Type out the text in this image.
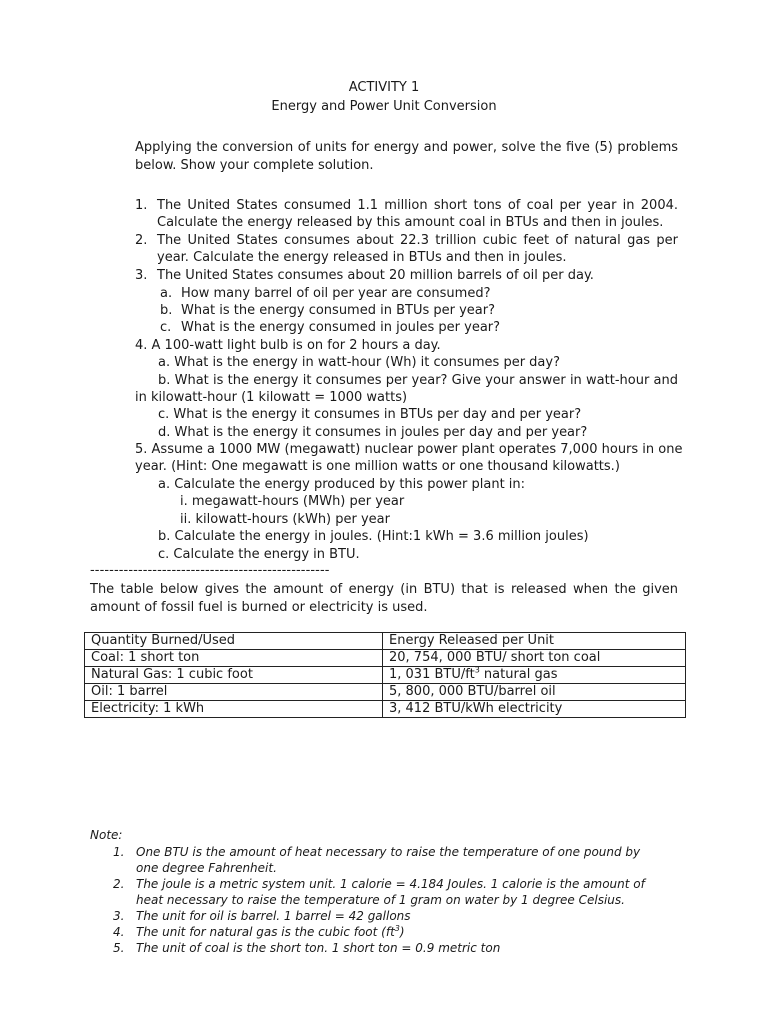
ACTIVITY 1
Energy and Power Unit Conversion
Applying the conversion of units for energy and power, solve the five (5) problems below. Show your complete solution.
1. The United States consumed 1.1 million short tons of coal per year in 2004. Calculate the energy released by this amount coal in BTUs and then in joules.
2. The United States consumes about 22.3 trillion cubic feet of natural gas per year. Calculate the energy released in BTUs and then in joules.
3. The United States consumes about 20 million barrels of oil per day.
a. How many barrel of oil per year are consumed?
b. What is the energy consumed in BTUs per year?
c. What is the energy consumed in joules per year?
4. A 100-watt light bulb is on for 2 hours a day.
a. What is the energy in watt-hour (Wh) it consumes per day?
b. What is the energy it consumes per year? Give your answer in watt-hour and
in kilowatt-hour (1 kilowatt = 1000 watts)
c. What is the energy it consumes in BTUs per day and per year?
d. What is the energy it consumes in joules per day and per year?
5. Assume a 1000 MW (megawatt) nuclear power plant operates 7,000 hours in one
year. (Hint: One megawatt is one million watts or one thousand kilowatts.)
a. Calculate the energy produced by this power plant in:
i. megawatt-hours (MWh) per year
ii. kilowatt-hours (kWh) per year
b. Calculate the energy in joules. (Hint:1 kWh = 3.6 million joules)
c. Calculate the energy in BTU.
--------------------------------------------------
The table below gives the amount of energy (in BTU) that is released when the given amount of fossil fuel is burned or electricity is used.
Quantity Burned/Used	Energy Released per Unit
Coal: 1 short ton	20, 754, 000 BTU/ short ton coal
Natural Gas: 1 cubic foot	1, 031 BTU/$ft^3$ natural gas
Oil: 1 barrel	5, 800, 000 BTU/barrel oil
Electricity: 1 kWh	3, 412 BTU/kWh electricity
Note:
1. One BTU is the amount of heat necessary to raise the temperature of one pound by one degree Fahrenheit.
2. The joule is a metric system unit. 1 calorie = 4.184 Joules. 1 calorie is the amount of heat necessary to raise the temperature of 1 gram on water by 1 degree Celsius.
3. The unit for oil is barrel. 1 barrel = 42 gallons
4. The unit for natural gas is the cubic foot $(ft^3)$
5. The unit of coal is the short ton. 1 short ton = 0.9 metric ton
